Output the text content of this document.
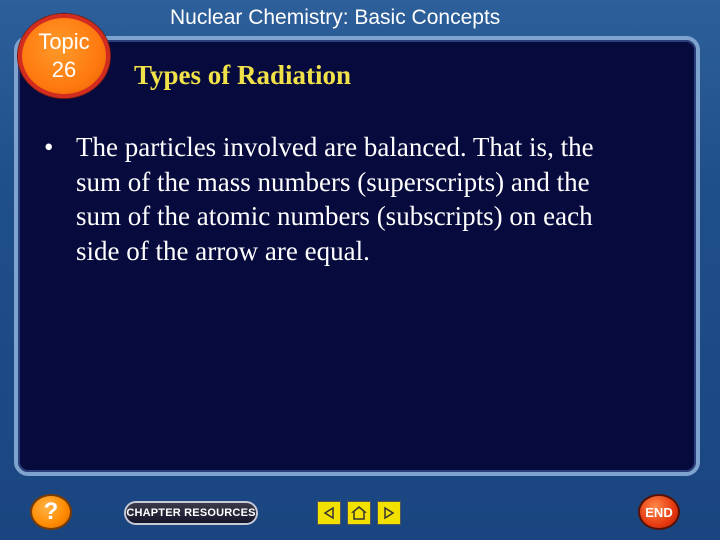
Topic
26
Nuclear Chemistry: Basic Concepts
Types of Radiation
• The particles involved are balanced. That is, the sum of the mass numbers (superscripts) and the sum of the atomic numbers (subscripts) on each side of the arrow are equal.
?	CHAPTER RESOURCES	END
